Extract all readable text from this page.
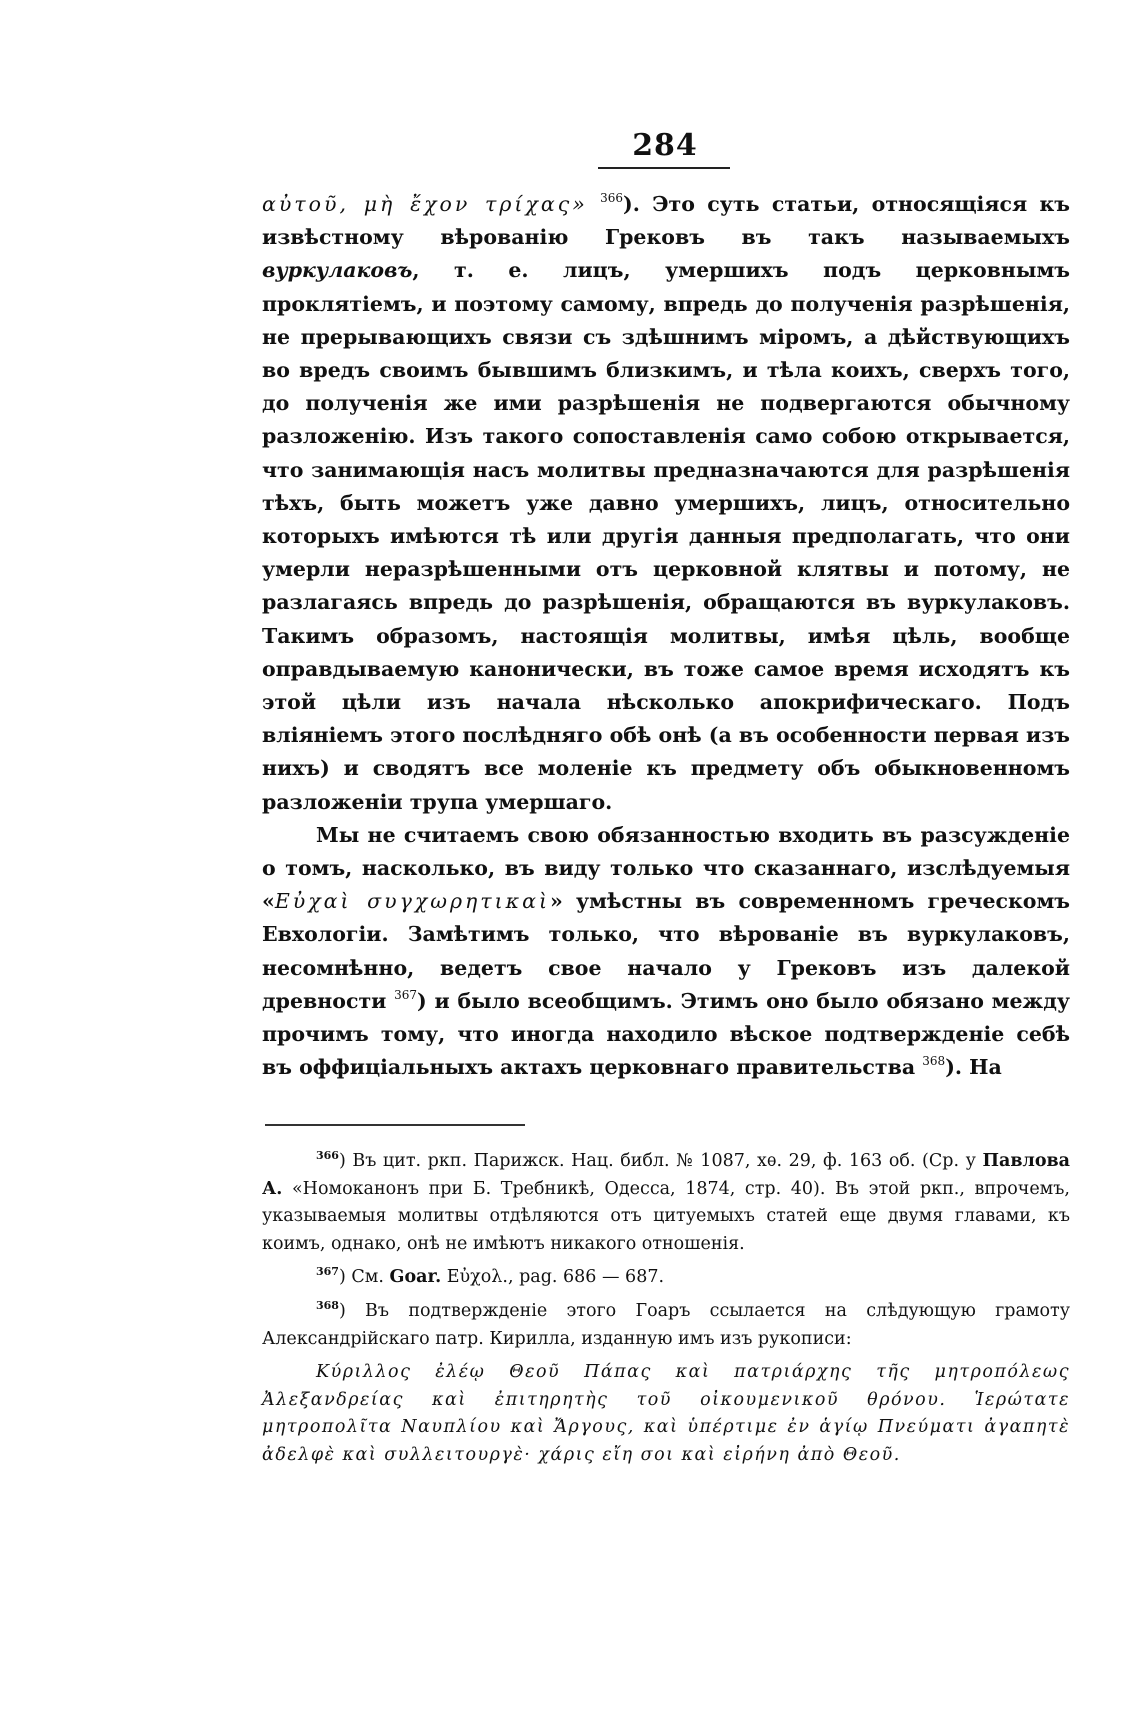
284

αὐτοῦ, μὴ ἔχον τρίχας» $^{366}$). Это суть статьи, относящіяся къ извѣстному вѣрованію Грековъ въ такъ называемыхъ вуркулаковъ, т. е. лицъ, умершихъ подъ церковнымъ проклятіемъ, и поэтому самому, впредь до полученія разрѣшенія, не прерывающихъ связи съ здѣшнимъ міромъ, а дѣйствующихъ во вредъ своимъ бывшимъ близкимъ, и тѣла коихъ, сверхъ того, до полученія же ими разрѣшенія не подвергаются обычному разложенію. Изъ такого сопоставленія само собою открывается, что занимающія насъ молитвы предназначаются для разрѣшенія тѣхъ, быть можетъ уже давно умершихъ, лицъ, относительно которыхъ имѣются тѣ или другія данныя предполагать, что они умерли неразрѣшенными отъ церковной клятвы и потому, не разлагаясь впредь до разрѣшенія, обращаются въ вуркулаковъ. Такимъ образомъ, настоящія молитвы, имѣя цѣль, вообще оправдываемую канонически, въ тоже самое время исходятъ къ этой цѣли изъ начала нѣсколько апокрифическаго. Подъ вліяніемъ этого послѣдняго обѣ онѣ (а въ особенности первая изъ нихъ) и сводятъ все моленіе къ предмету объ обыкновенномъ разложеніи трупа умершаго.

Мы не считаемъ свою обязанностью входить въ разсужденіе о томъ, насколько, въ виду только что сказаннаго, изслѣдуемыя «Εὐχαὶ συγχωρητικαὶ» умѣстны въ современномъ греческомъ Евхологіи. Замѣтимъ только, что вѣрованіе въ вуркулаковъ, несомнѣнно, ведетъ свое начало у Грековъ изъ далекой древности $^{367}$) и было всеобщимъ. Этимъ оно было обязано между прочимъ тому, что иногда находило вѣское подтвержденіе себѣ въ оффиціальныхъ актахъ церковнаго правительства $^{368}$). На

$^{366}$) Въ цит. ркп. Парижск. Нац. библ. № 1087, хѳ. 29, ф. 163 об. (Ср. у Павлова А. «Номоканонъ при Б. Требникѣ, Одесса, 1874, стр. 40). Въ этой ркп., впрочемъ, указываемыя молитвы отдѣляются отъ цитуемыхъ статей еще двумя главами, къ коимъ, однако, онѣ не имѣютъ никакого отношенія.

$^{367}$) См. Goar. Εὐχολ., pag. 686 — 687.

$^{368}$) Въ подтвержденіе этого Гоаръ ссылается на слѣдующую грамоту Александрійскаго патр. Кирилла, изданную имъ изъ рукописи:

Κύριλλος ἐλέῳ Θεοῦ Πάπας καὶ πατριάρχης τῆς μητροπόλεως Ἀλεξανδρείας καὶ ἐπιτηρητὴς τοῦ οἰκουμενικοῦ θρόνου. Ἱερώτατε μητροπολῖτα Ναυπλίου καὶ Ἄργους, καὶ ὑπέρτιμε ἐν ἁγίῳ Πνεύματι ἀγαπητὲ ἀδελφὲ καὶ συλλειτουργὲ· χάρις εἴη σοι καὶ εἰρήνη ἀπὸ Θεοῦ.
